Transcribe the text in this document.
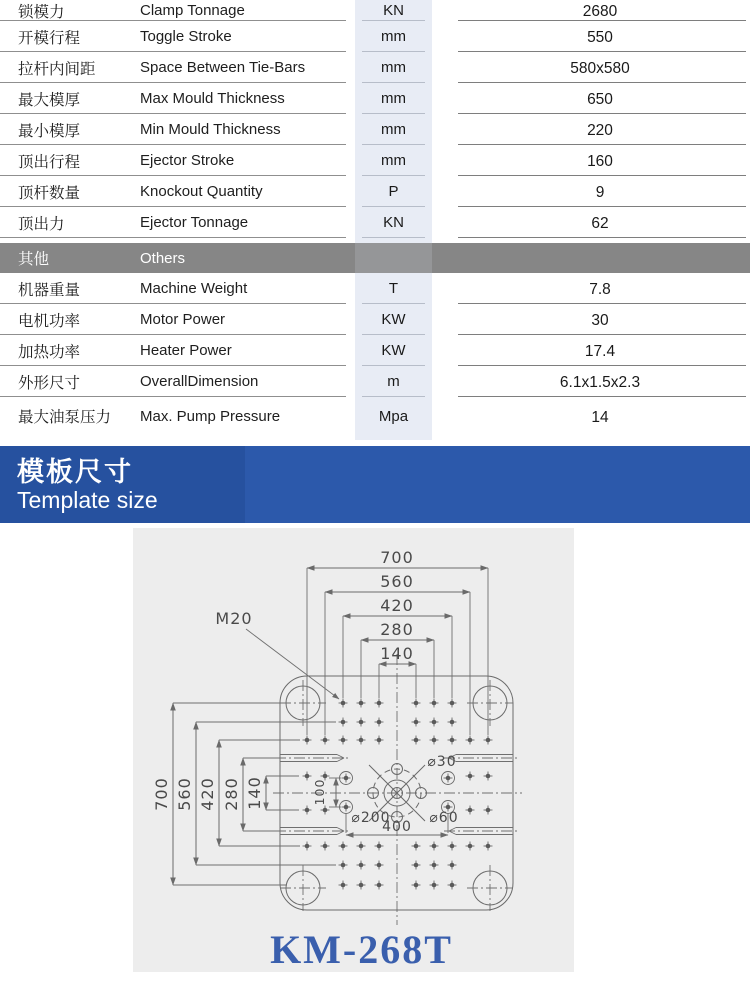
锁模力	Clamp Tonnage	KN	2680
开模行程	Toggle Stroke	mm	550
拉杆内间距	Space Between Tie-Bars	mm	580x580
最大模厚	Max Mould Thickness	mm	650
最小模厚	Min Mould Thickness	mm	220
顶出行程	Ejector Stroke	mm	160
顶杆数量	Knockout Quantity	P	9
顶出力	Ejector Tonnage	KN	62
其他	Others
机器重量	Machine Weight	T	7.8
电机功率	Motor Power	KW	30
加热功率	Heater Power	KW	17.4
外形尺寸	OverallDimension	m	6.1x1.5x2.3
最大油泵压力	Max. Pump Pressure	Mpa	14
模板尺寸
Template size
700
560
420
280
140
700 560 420 280 140	100
400
M20
⌀30
⌀200	⌀60
KM-268T
